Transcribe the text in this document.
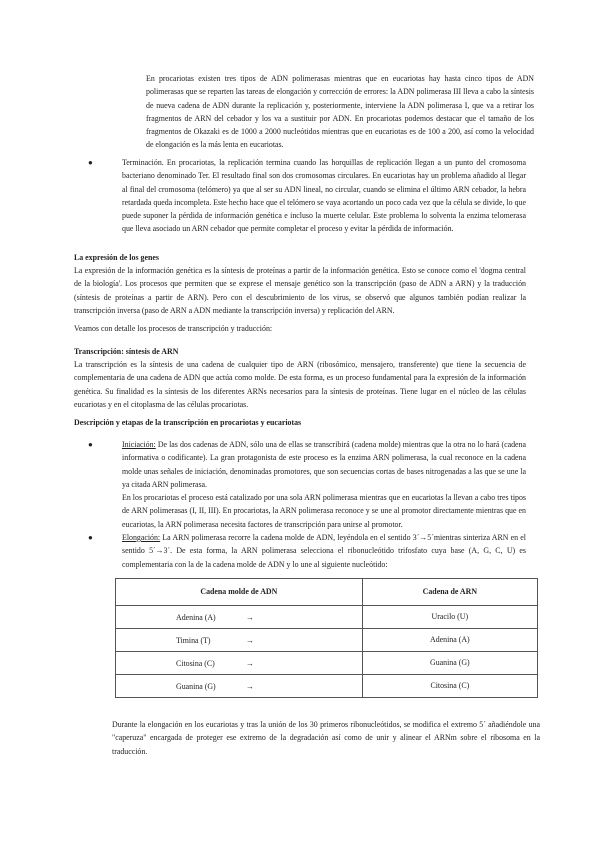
En procariotas existen tres tipos de ADN polimerasas mientras que en eucariotas hay hasta cinco tipos de ADN polimerasas que se reparten las tareas de elongación y corrección de errores: la ADN polimerasa III lleva a cabo la síntesis de nueva cadena de ADN durante la replicación y, posteriormente, interviene la ADN polimerasa I, que va a retirar los fragmentos de ARN del cebador y los va a sustituir por ADN. En procariotas podemos destacar que el tamaño de los fragmentos de Okazaki es de 1000 a 2000 nucleótidos mientras que en eucariotas es de 100 a 200, así como la velocidad de elongación es la más lenta en eucariotas.

●	Terminación. En procariotas, la replicación termina cuando las horquillas de replicación llegan a un punto del cromosoma bacteriano denominado Ter. El resultado final son dos cromosomas circulares. En eucariotas hay un problema añadido al llegar al final del cromosoma (telómero) ya que al ser su ADN lineal, no circular, cuando se elimina el último ARN cebador, la hebra retardada queda incompleta. Este hecho hace que el telómero se vaya acortando un poco cada vez que la célula se divide, lo que puede suponer la pérdida de información genética e incluso la muerte celular. Este problema lo solventa la enzima telomerasa que lleva asociado un ARN cebador que permite completar el proceso y evitar la pérdida de información.

La expresión de los genes

La expresión de la información genética es la síntesis de proteínas a partir de la información genética. Esto se conoce como el 'dogma central de la biología'. Los procesos que permiten que se exprese el mensaje genético son la transcripción (paso de ADN a ARN) y la traducción (síntesis de proteínas a partir de ARN). Pero con el descubrimiento de los virus, se observó que algunos también podían realizar la transcripción inversa (paso de ARN a ADN mediante la transcripción inversa) y replicación del ARN.

Veamos con detalle los procesos de transcripción y traducción:

Transcripción: síntesis de ARN

La transcripción es la síntesis de una cadena de cualquier tipo de ARN (ribosómico, mensajero, transferente) que tiene la secuencia de complementaria de una cadena de ADN que actúa como molde. De esta forma, es un proceso fundamental para la expresión de la información genética. Su finalidad es la síntesis de los diferentes ARNs necesarios para la síntesis de proteínas. Tiene lugar en el núcleo de las células eucariotas y en el citoplasma de las células procariotas.

Descripción y etapas de la transcripción en procariotas y eucariotas
●	Iniciación: De las dos cadenas de ADN, sólo una de ellas se transcribirá (cadena molde) mientras que la otra no lo hará (cadena informativa o codificante). La gran protagonista de este proceso es la enzima ARN polimerasa, la cual reconoce en la cadena molde unas señales de iniciación, denominadas promotores, que son secuencias cortas de bases nitrogenadas a las que se une la ya citada ARN polimerasa.
En los procariotas el proceso está catalizado por una sola ARN polimerasa mientras que en eucariotas la llevan a cabo tres tipos de ARN polimerasas (I, II, III). En procariotas, la ARN polimerasa reconoce y se une al promotor directamente mientras que en eucariotas, la ARN polimerasa necesita factores de transcripción para unirse al promotor.

●	Elongación: La ARN polimerasa recorre la cadena molde de ADN, leyéndola en el sentido 3´→5´mientras sinteriza ARN en el sentido 5´→3´. De esta forma, la ARN polimerasa selecciona el ribonucleótido trifosfato cuya base (A, G, C, U) es complementaria con la de la cadena molde de ADN y lo une al siguiente nucleótido:

Cadena molde de ADN	Cadena de ARN

Adenina (A) →	Uracilo (U)

Timina (T) →	Adenina (A)

Citosina (C) →	Guanina (G)

Guanina (G) →	Citosina (C)

Durante la elongación en los eucariotas y tras la unión de los 30 primeros ribonucleótidos, se modifica el extremo 5´ añadiéndole una "caperuza" encargada de proteger ese extremo de la degradación así como de unir y alinear el ARNm sobre el ribosoma en la traducción.
